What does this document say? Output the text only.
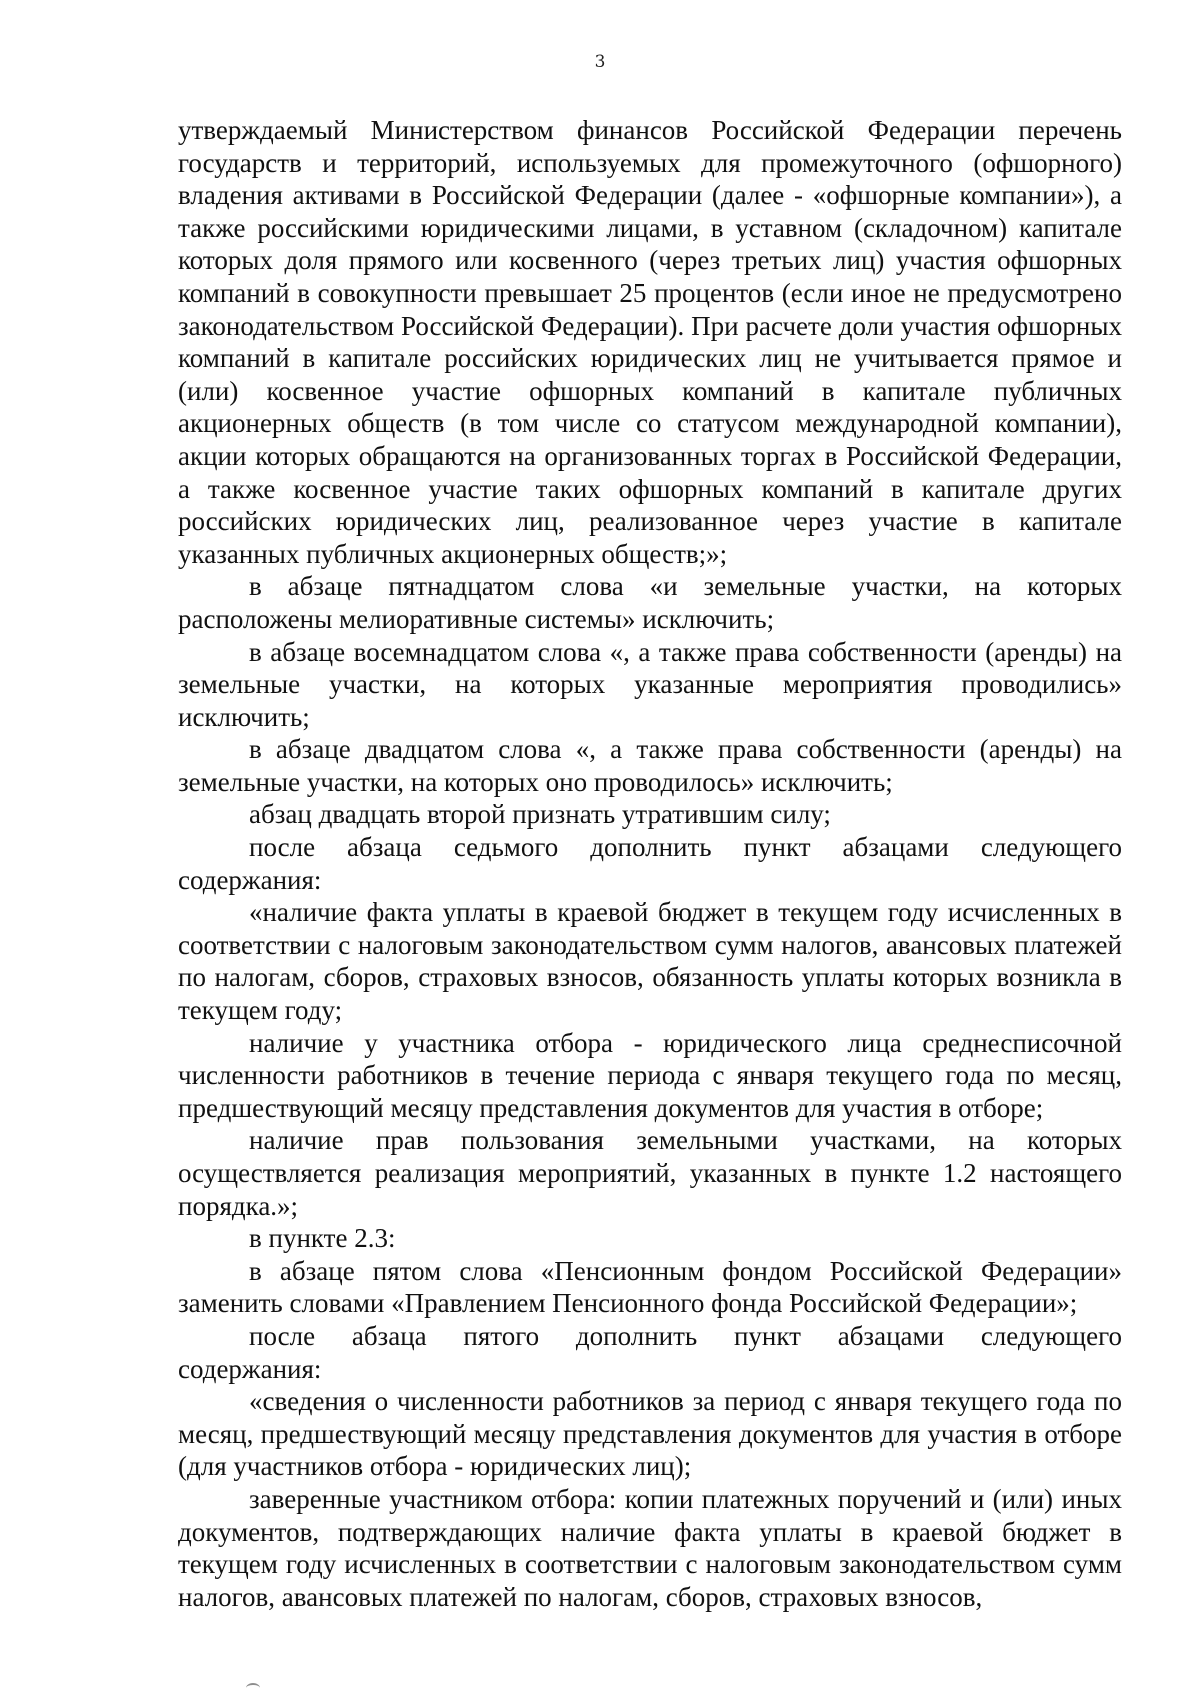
3

утверждаемый Министерством финансов Российской Федерации перечень государств и территорий, используемых для промежуточного (офшорного) владения активами в Российской Федерации (далее - «офшорные компании»), а также российскими юридическими лицами, в уставном (складочном) капитале которых доля прямого или косвенного (через третьих лиц) участия офшорных компаний в совокупности превышает 25 процентов (если иное не предусмотрено законодательством Российской Федерации). При расчете доли участия офшорных компаний в капитале российских юридических лиц не учитывается прямое и (или) косвенное участие офшорных компаний в капитале публичных акционерных обществ (в том числе со статусом международной компании), акции которых обращаются на организованных торгах в Российской Федерации, а также косвенное участие таких офшорных компаний в капитале других российских юридических лиц, реализованное через участие в капитале указанных публичных акционерных обществ;»;

в абзаце пятнадцатом слова «и земельные участки, на которых расположены мелиоративные системы» исключить;

в абзаце восемнадцатом слова «, а также права собственности (аренды) на земельные участки, на которых указанные мероприятия проводились» исключить;

в абзаце двадцатом слова «, а также права собственности (аренды) на земельные участки, на которых оно проводилось» исключить;

абзац двадцать второй признать утратившим силу;

после абзаца седьмого дополнить пункт абзацами следующего содержания:

«наличие факта уплаты в краевой бюджет в текущем году исчисленных в соответствии с налоговым законодательством сумм налогов, авансовых платежей по налогам, сборов, страховых взносов, обязанность уплаты которых возникла в текущем году;

наличие у участника отбора - юридического лица среднесписочной численности работников в течение периода с января текущего года по месяц, предшествующий месяцу представления документов для участия в отборе;

наличие прав пользования земельными участками, на которых осуществляется реализация мероприятий, указанных в пункте 1.2 настоящего порядка.»;

в пункте 2.3:

в абзаце пятом слова «Пенсионным фондом Российской Федерации» заменить словами «Правлением Пенсионного фонда Российской Федерации»;

после абзаца пятого дополнить пункт абзацами следующего содержания:

«сведения о численности работников за период с января текущего года по месяц, предшествующий месяцу представления документов для участия в отборе (для участников отбора - юридических лиц);

заверенные участником отбора: копии платежных поручений и (или) иных документов, подтверждающих наличие факта уплаты в краевой бюджет в текущем году исчисленных в соответствии с налоговым законодательством сумм налогов, авансовых платежей по налогам, сборов, страховых взносов,
